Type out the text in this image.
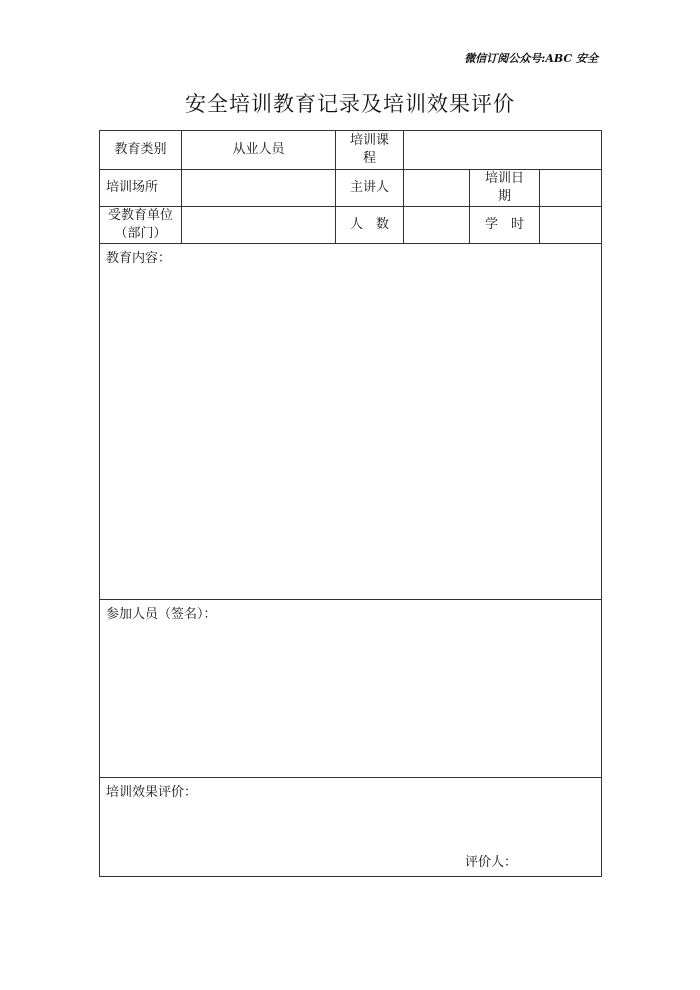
微信订阅公众号:ABC 安全
安全培训教育记录及培训效果评价
教育类别	从业人员	培训课程			

培训场所		主讲人		培训日期	

受教育单位（部门）		人　数		学　时	
教育内容：					
参加人员（签名）：					
培训效果评价：
评价人：					
